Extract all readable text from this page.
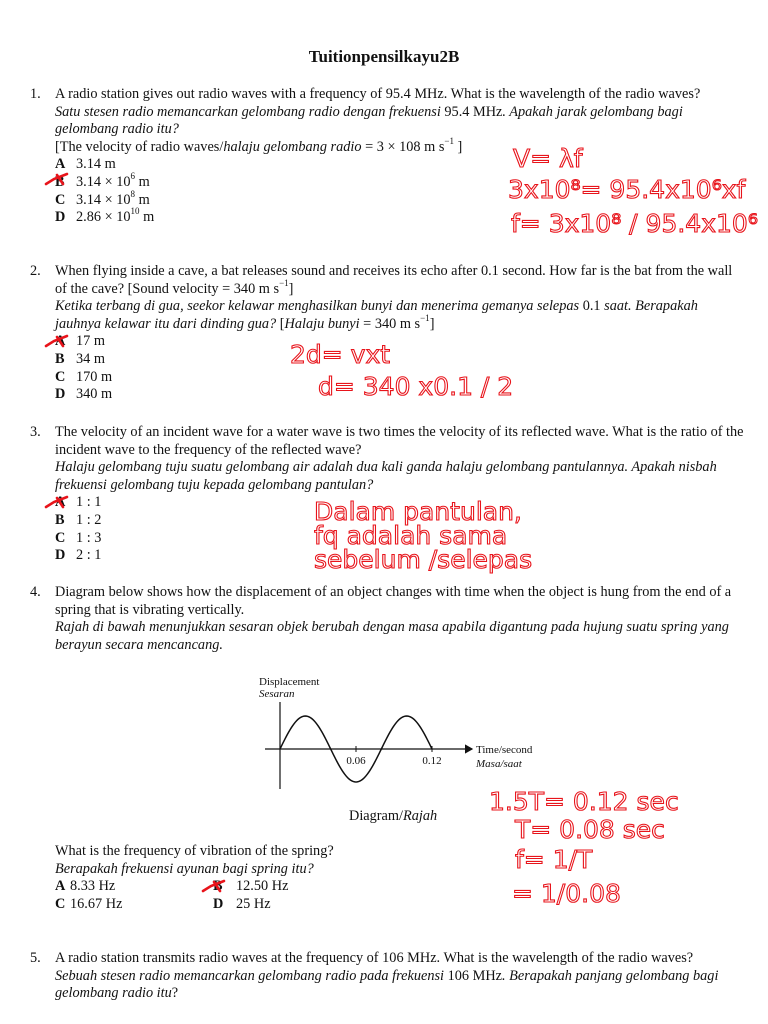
Tuitionpensilkayu2B
1. A radio station gives out radio waves with a frequency of 95.4 MHz. What is the wavelength of the radio waves?
Satu stesen radio memancarkan gelombang radio dengan frekuensi 95.4 MHz. Apakah jarak gelombang bagi gelombang radio itu?
[The velocity of radio waves/halaju gelombang radio = 3 × 108 m $s^{-1}$ ]
A 3.14 m
B $3.14 \times 10^6$ m
C $3.14 \times 10^8$ m
D $2.86 \times 10^{10}$ m
2. When flying inside a cave, a bat releases sound and receives its echo after 0.1 second. How far is the bat from the wall of the cave? [Sound velocity = 340 m $s^{-1}$]
Ketika terbang di gua, seekor kelawar menghasilkan bunyi dan menerima gemanya selepas 0.1 saat. Berapakah jauhnya kelawar itu dari dinding gua? [Halaju bunyi = 340 m $s^{-1}$]
A 17 m
B 34 m
C 170 m
D 340 m
3. The velocity of an incident wave for a water wave is two times the velocity of its reflected wave. What is the ratio of the incident wave to the frequency of the reflected wave?
Halaju gelombang tuju suatu gelombang air adalah dua kali ganda halaju gelombang pantulannya. Apakah nisbah frekuensi gelombang tuju kepada gelombang pantulan?
A 1 : 1
B 1 : 2
C 1 : 3
D 2 : 1
4. Diagram below shows how the displacement of an object changes with time when the object is hung from the end of a spring that is vibrating vertically.
Rajah di bawah menunjukkan sesaran objek berubah dengan masa apabila digantung pada hujung suatu spring yang berayun secara mencancang.
Displacement
Sesaran
Time/second
Masa/saat
0.06	0.12
Diagram/Rajah
What is the frequency of vibration of the spring?
Berapakah frekuensi ayunan bagi spring itu?
A 8.33 Hz	B 12.50 Hz
C 16.67 Hz	D 25 Hz
5. A radio station transmits radio waves at the frequency of 106 MHz. What is the wavelength of the radio waves?
Sebuah stesen radio memancarkan gelombang radio pada frekuensi 106 MHz. Berapakah panjang gelombang bagi gelombang radio itu?
V= λf
3x10⁸= 95.4x10⁶xf
f= 3x10⁸ / 95.4x10⁶
2d= vxt
d= 340 x0.1 / 2
Dalam pantulan,
fq adalah sama
sebelum /selepas
1.5T= 0.12 sec
T= 0.08 sec
f= 1/T
= 1/0.08
